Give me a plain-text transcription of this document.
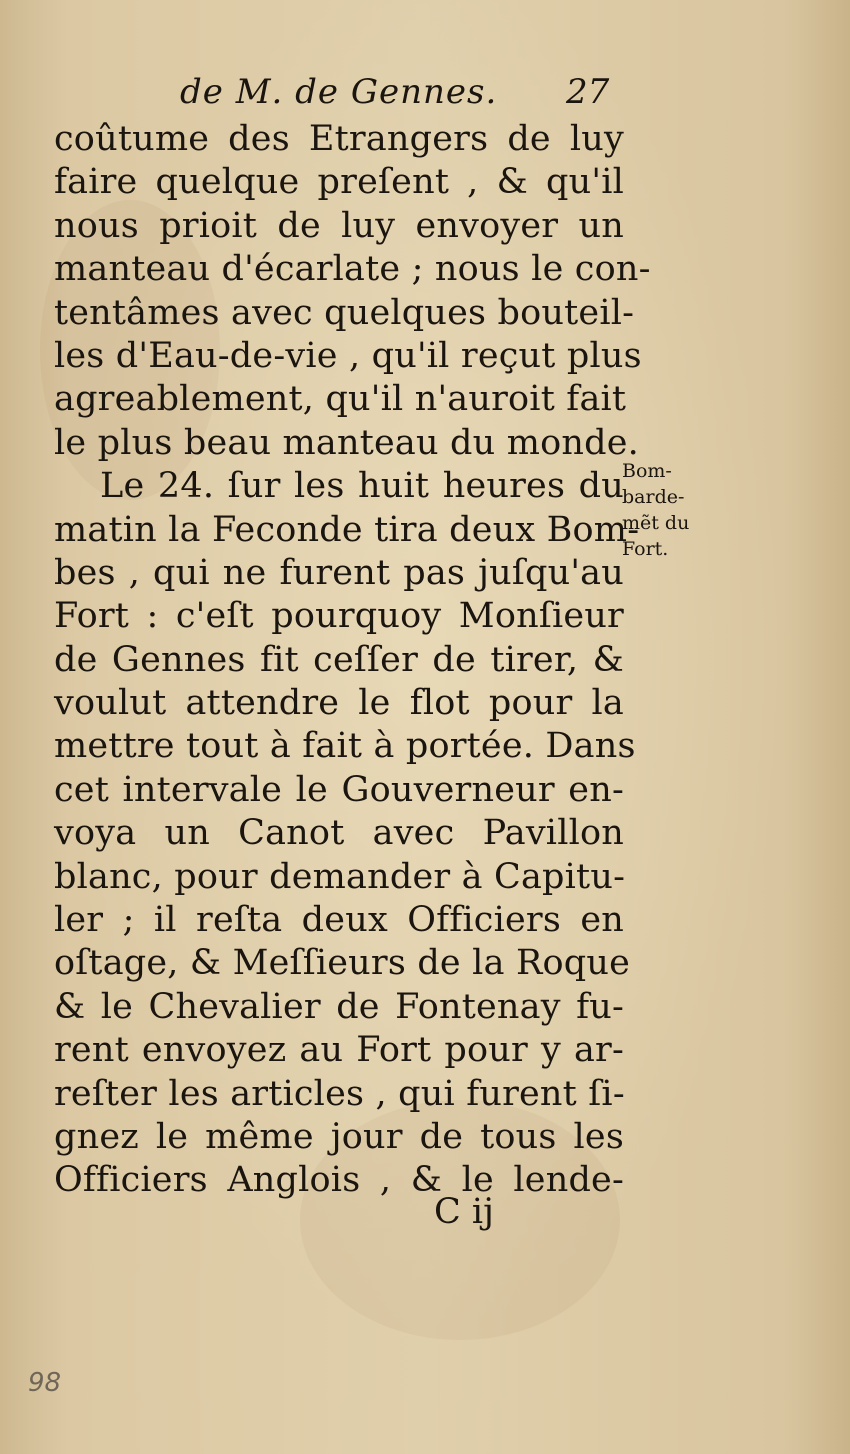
de M. de Gennes. 27
coûtume des Etrangers de luy
faire quelque preſent , & qu'il
nous prioit de luy envoyer un
manteau d'écarlate ; nous le con-
tentâmes avec quelques bouteil-
les d'Eau-de-vie , qu'il reçut plus
agreablement, qu'il n'auroit fait
le plus beau manteau du monde.
Le 24. ſur les huit heures du
matin la Feconde tira deux Bom-
bes , qui ne furent pas juſqu'au
Fort : c'eſt pourquoy Monſieur
de Gennes fit ceſſer de tirer, &
voulut attendre le flot pour la
mettre tout à fait à portée. Dans
cet intervale le Gouverneur en-
voya un Canot avec Pavillon
blanc, pour demander à Capitu-
ler ; il reſta deux Officiers en
oſtage, & Meſſieurs de la Roque
& le Chevalier de Fontenay fu-
rent envoyez au Fort pour y ar-
reſter les articles , qui furent ſi-
gnez le même jour de tous les
Officiers Anglois , & le lende-
Bom-
barde-
mẽt du
Fort.
C ij
98
